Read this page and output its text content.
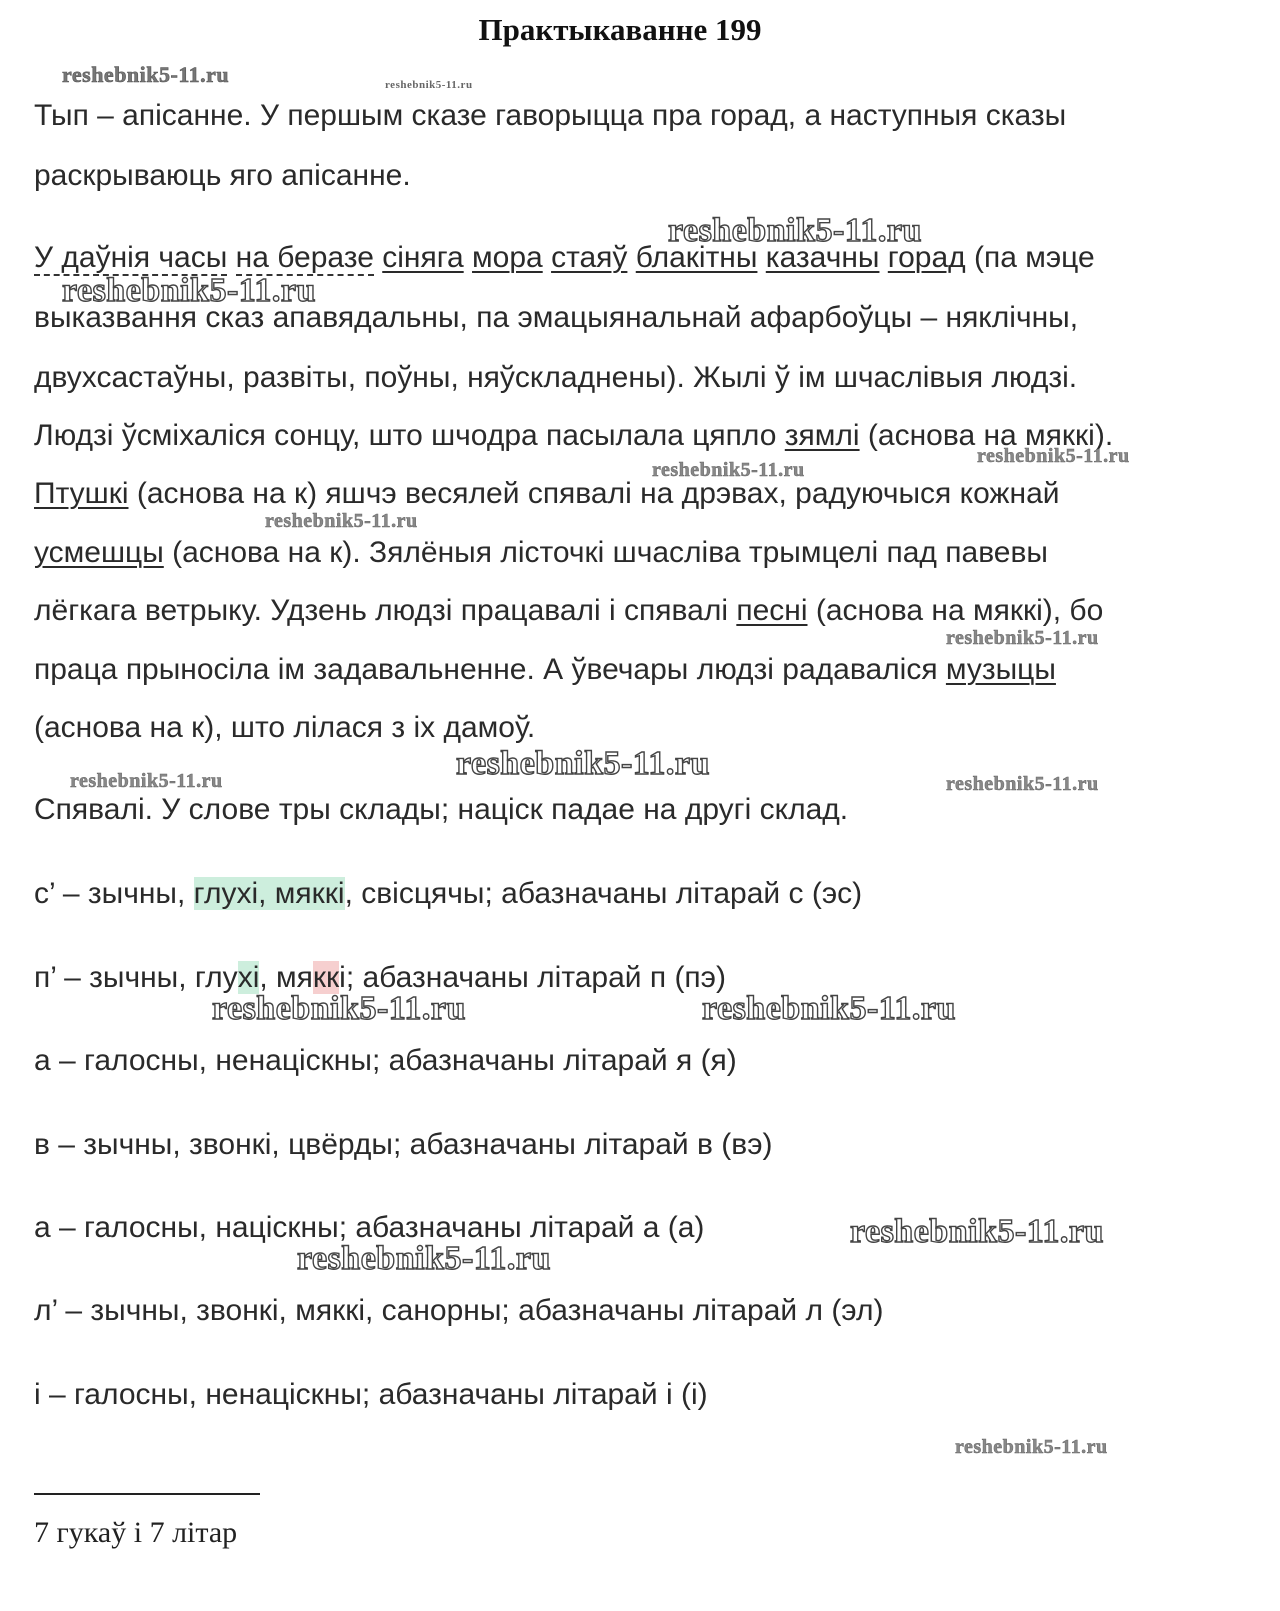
Практыкаванне 199
Тып – апісанне. У першым сказе гаворыцца пра горад, а наступныя сказы
раскрываюць яго апісанне.
У даўнія часы на беразе сіняга мора стаяў блакітны казачны горад (па мэце
выказвання сказ апавядальны, па эмацыянальнай афарбоўцы – няклічны,
двухсастаўны, развіты, поўны, няўскладнены). Жылі ў ім шчаслівыя людзі.
Людзі ўсміхаліся сонцу, што шчодра пасылала цяпло зямлі (аснова на мяккі).
Птушкі (аснова на к) яшчэ весялей спявалі на дрэвах, радуючыся кожнай
усмешцы (аснова на к). Зялёныя лісточкі шчасліва трымцелі пад павевы
лёгкага ветрыку. Удзень людзі працавалі і спявалі песні (аснова на мяккі), бо
праца прыносіла ім задавальненне. А ўвечары людзі радаваліся музыцы
(аснова на к), што лілася з іх дамоў.
Спявалі. У слове тры склады; націск падае на другі склад.
с’ – зычны, глухі, мяккі, свісцячы; абазначаны літарай с (эс)
п’ – зычны, глухі, мяккі; абазначаны літарай п (пэ)
а – галосны, ненаціскны; абазначаны літарай я (я)
в – зычны, звонкі, цвёрды; абазначаны літарай в (вэ)
а – галосны, націскны; абазначаны літарай а (а)
л’ – зычны, звонкі, мяккі, санорны; абазначаны літарай л (эл)
і – галосны, ненаціскны; абазначаны літарай і (і)
7 гукаў і 7 літар
reshebnik5-11.ru	reshebnik5-11.ru
reshebnik5-11.ru
reshebnik5-11.ru
reshebnik5-11.ru
reshebnik5-11.ru
reshebnik5-11.ru
reshebnik5-11.ru
reshebnik5-11.ru	reshebnik5-11.ru
reshebnik5-11.ru
reshebnik5-11.ru	reshebnik5-11.ru
reshebnik5-11.ru
reshebnik5-11.ru
reshebnik5-11.ru
